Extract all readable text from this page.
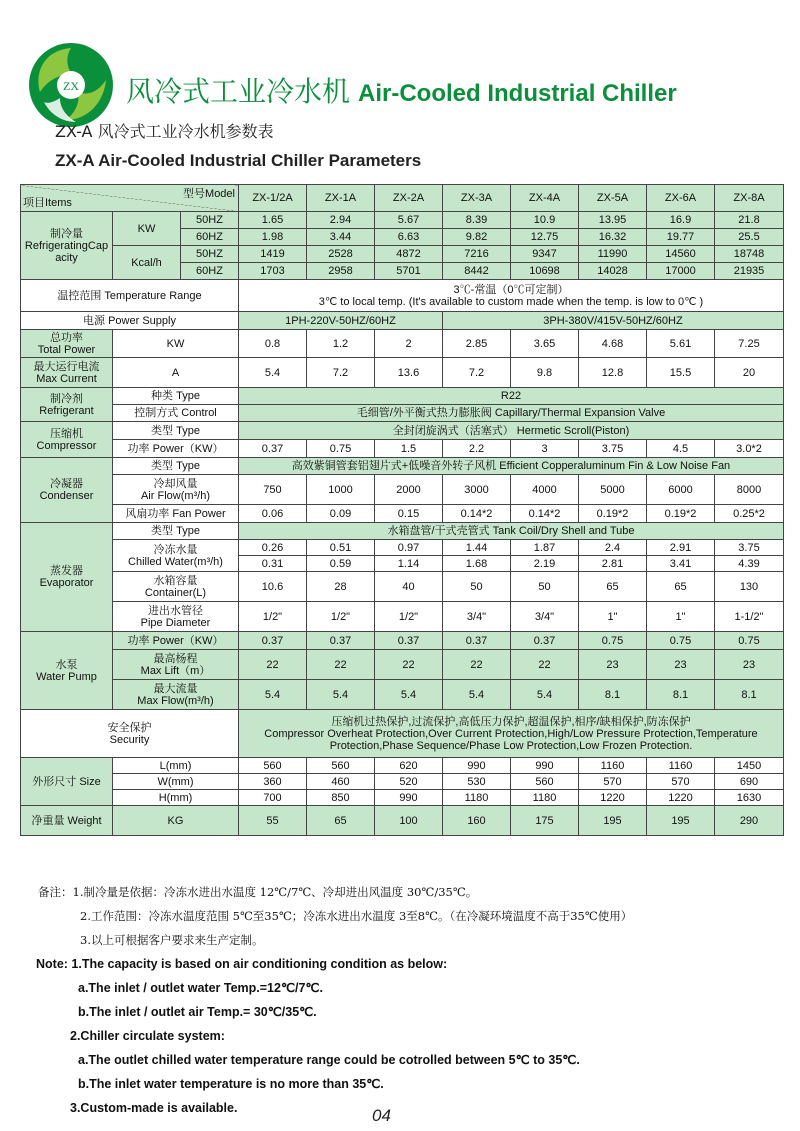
ZX 风冷式工业冷水机 Air-Cooled Industrial Chiller
ZX-A 风冷式工业冷水机参数表
ZX-A Air-Cooled Industrial Chiller Parameters
项目Items
型号Model			ZX-1/2A	ZX-1A	ZX-2A	ZX-3A	ZX-4A	ZX-5A	ZX-6A	ZX-8A
制冷量
RefrigeratingCap acity	KW	50HZ	1.65	2.94	5.67	8.39	10.9	13.95	16.9	21.8
		60HZ	1.98	3.44	6.63	9.82	12.75	16.32	19.77	25.5
	Kcal/h	50HZ	1419	2528	4872	7216	9347	11990	14560	18748
		60HZ	1703	2958	5701	8442	10698	14028	17000	21935
温控范围 Temperature Range			3℃-常温（0℃可定制）
3℃ to local temp. (It's available to custom made when the temp. is low to 0℃ )							
电源 Power Supply			1PH-220V-50HZ/60HZ			3PH-380V/415V-50HZ/60HZ				
总功率
Total Power	KW		0.8	1.2	2	2.85	3.65	4.68	5.61	7.25
最大运行电流
Max Current	A		5.4	7.2	13.6	7.2	9.8	12.8	15.5	20
制冷剂
Refrigerant	种类 Type		R22							
	控制方式 Control		毛细管/外平衡式热力膨胀阀 Capillary/Thermal Expansion Valve							
压缩机
Compressor	类型 Type		全封闭旋涡式（活塞式） Hermetic Scroll(Piston)							
	功率 Power（KW）		0.37	0.75	1.5	2.2	3	3.75	4.5	3.0*2
冷凝器
Condenser	类型 Type		高效紫铜管套铝翅片式+低噪音外转子风机 Efficient Copperaluminum Fin & Low Noise Fan							
	冷却风量
Air Flow(m³/h)		750	1000	2000	3000	4000	5000	6000	8000
	风扇功率 Fan Power		0.06	0.09	0.15	0.14*2	0.14*2	0.19*2	0.19*2	0.25*2
蒸发器
Evaporator	类型 Type		水箱盘管/干式壳管式 Tank Coil/Dry Shell and Tube							
	冷冻水量
Chilled Water(m³/h)		0.26	0.51	0.97	1.44	1.87	2.4	2.91	3.75
			0.31	0.59	1.14	1.68	2.19	2.81	3.41	4.39
	水箱容量
Container(L)		10.6	28	40	50	50	65	65	130
	进出水管径
Pipe Diameter		1/2"	1/2"	1/2"	3/4"	3/4"	1"	1"	1-1/2"
水泵
Water Pump	功率 Power（KW）		0.37	0.37	0.37	0.37	0.37	0.75	0.75	0.75
	最高杨程
Max Lift（m）		22	22	22	22	22	23	23	23
	最大流量
Max Flow(m³/h)		5.4	5.4	5.4	5.4	5.4	8.1	8.1	8.1
安全保护
Security			压缩机过热保护,过流保护,高低压力保护,超温保护,相序/缺相保护,防冻保护
Compressor Overheat Protection,Over Current Protection,High/Low Pressure Protection,Temperature Protection,Phase Sequence/Phase Low Protection,Low Frozen Protection.							
外形尺寸 Size	L(mm)		560	560	620	990	990	1160	1160	1450
	W(mm)		360	460	520	530	560	570	570	690
	H(mm)		700	850	990	1180	1180	1220	1220	1630
净重量 Weight	KG		55	65	100	160	175	195	195	290
备注：1.制冷量是依据：冷冻水进出水温度 12℃/7℃、冷却进出风温度 30℃/35℃。
2.工作范围：冷冻水温度范围 5℃至35℃；冷冻水进出水温度 3至8℃。（在冷凝环境温度不高于35℃使用）
3.以上可根据客户要求来生产定制。
Note: 1.The capacity is based on air conditioning condition as below:
a.The inlet / outlet water Temp.=12℃/7℃.
b.The inlet / outlet air Temp.= 30℃/35℃.
2.Chiller circulate system:
a.The outlet chilled water temperature range could be cotrolled between 5℃ to 35℃.
b.The inlet water temperature is no more than 35℃.
3.Custom-made is available.	04
